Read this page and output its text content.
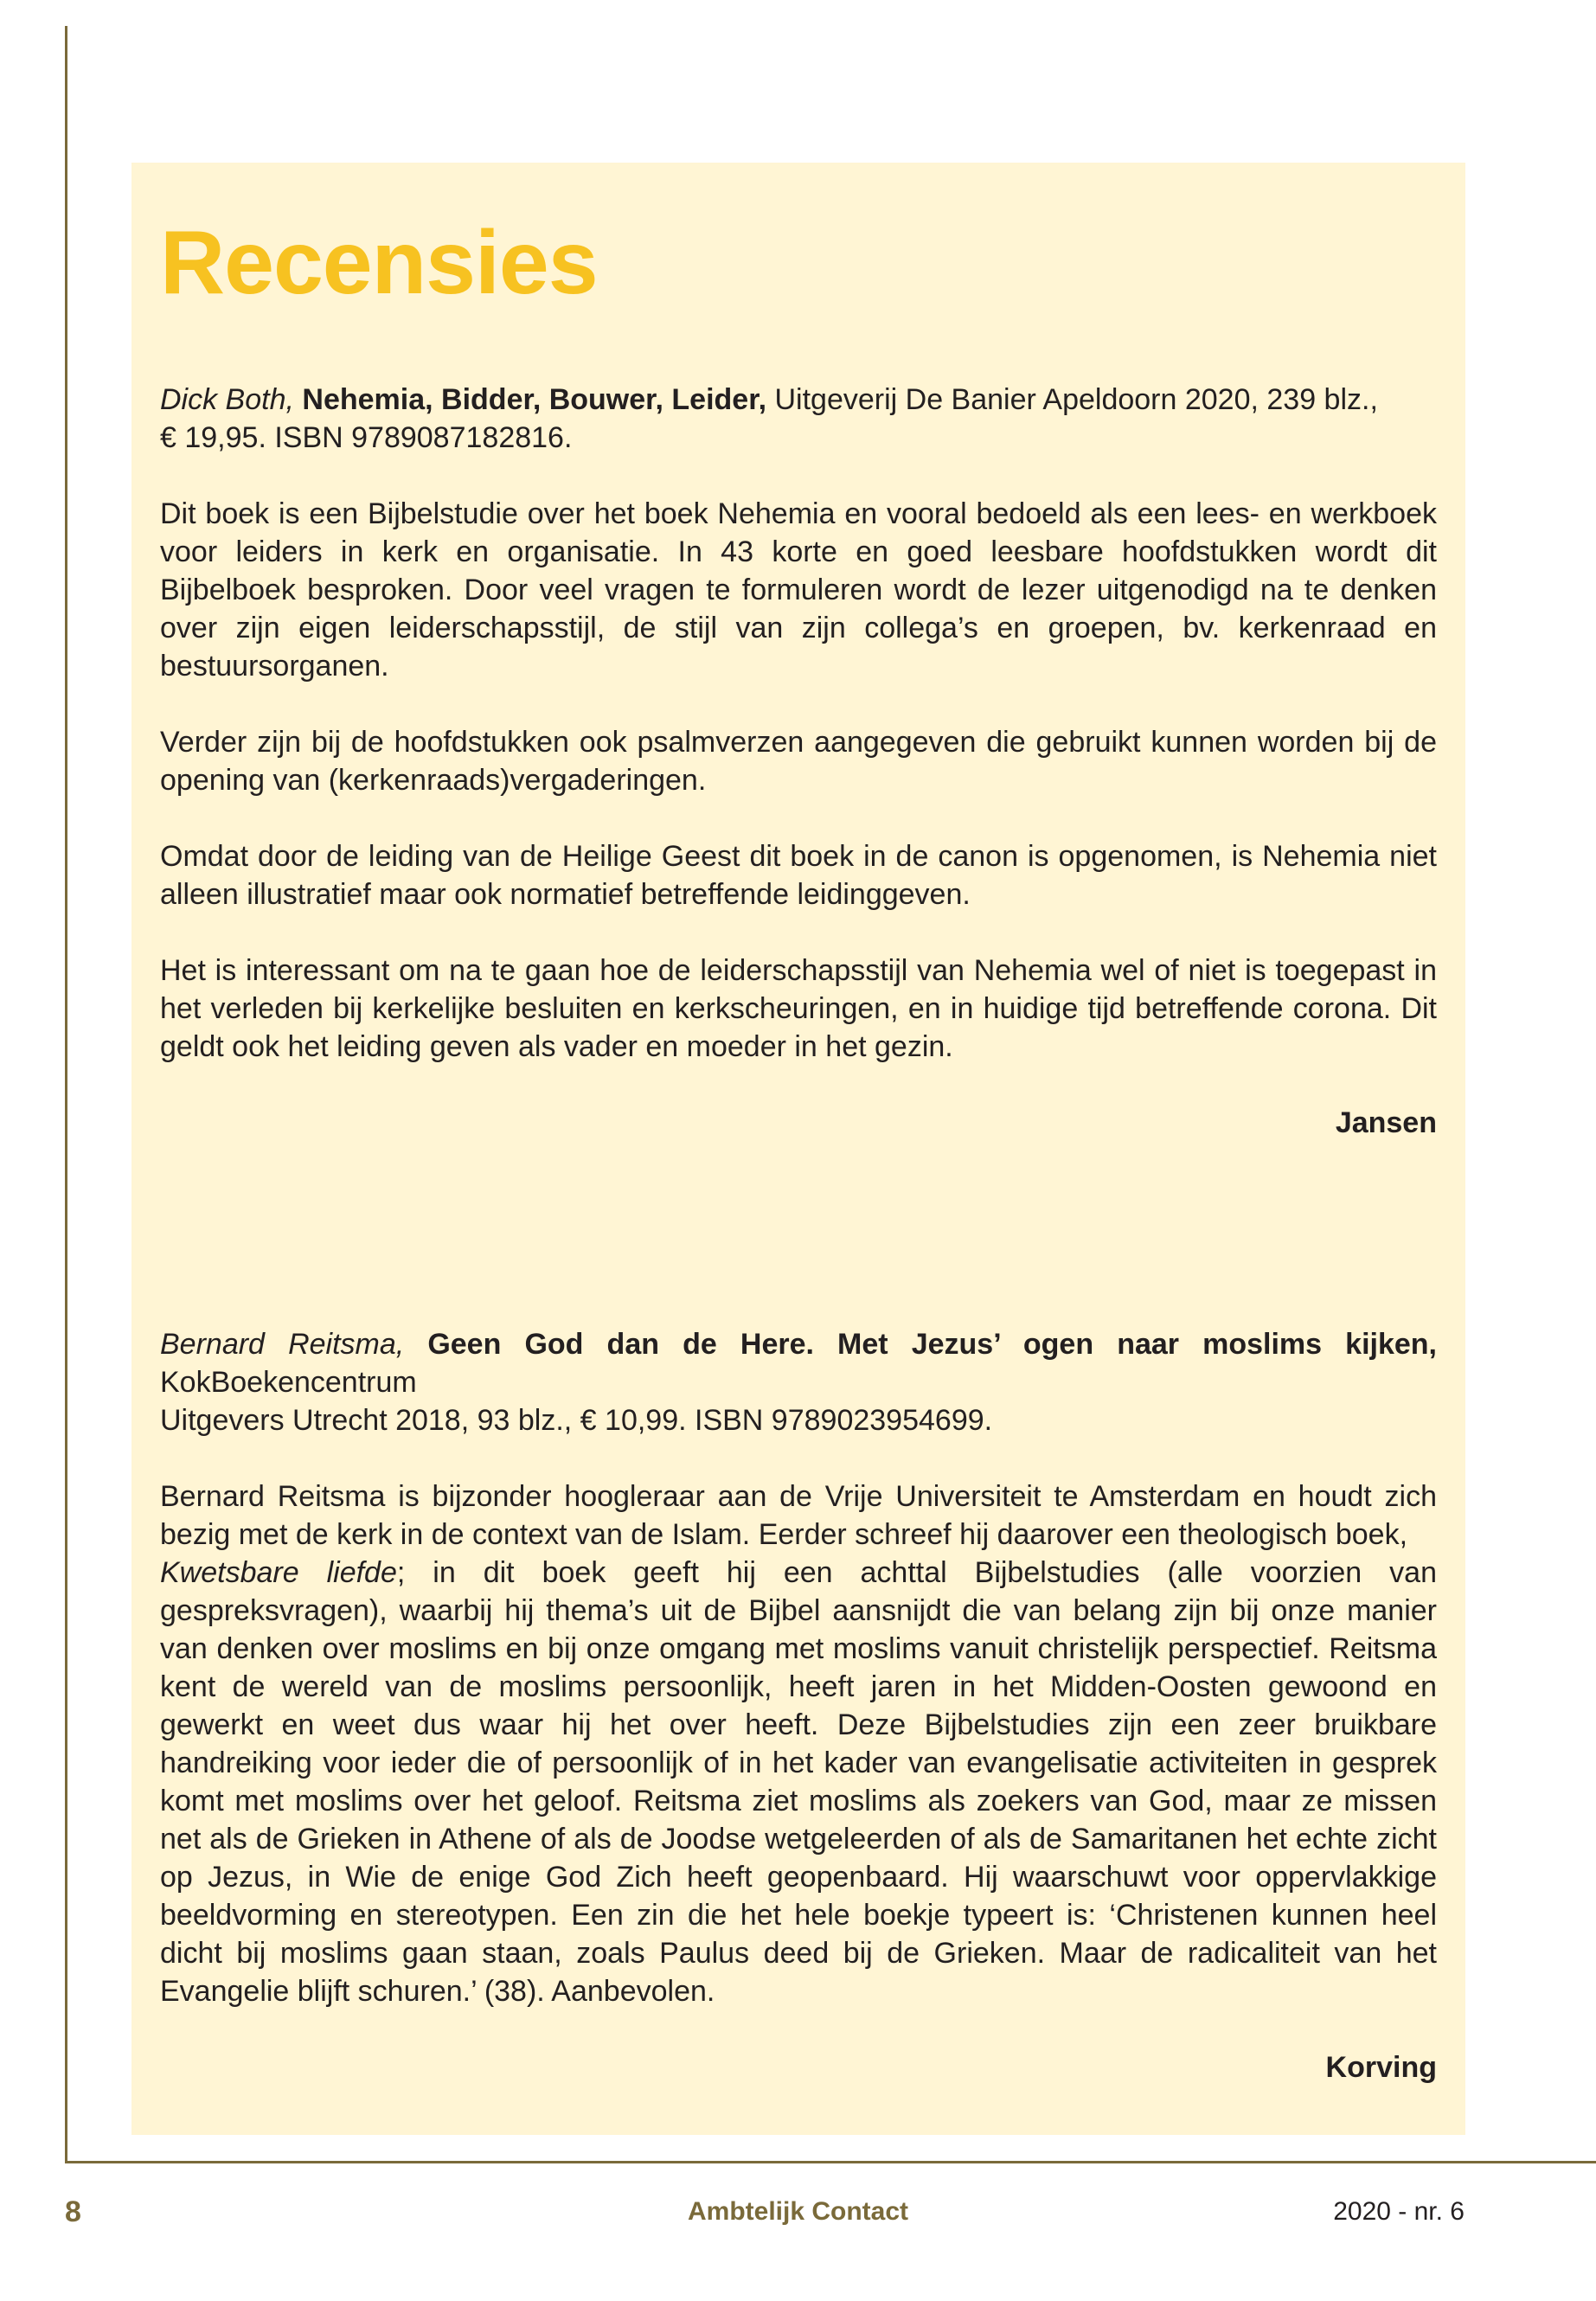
Recensies

Dick Both, Nehemia, Bidder, Bouwer, Leider, Uitgeverij De Banier Apeldoorn 2020, 239 blz.,
€ 19,95. ISBN 9789087182816.

Dit boek is een Bijbelstudie over het boek Nehemia en vooral bedoeld als een lees- en werkboek voor leiders in kerk en organisatie. In 43 korte en goed leesbare hoofdstukken wordt dit Bijbelboek besproken. Door veel vragen te formuleren wordt de lezer uitgenodigd na te denken over zijn eigen leiderschapsstijl, de stijl van zijn collega’s en groepen, bv. kerkenraad en bestuursorganen.

Verder zijn bij de hoofdstukken ook psalmverzen aangegeven die gebruikt kunnen worden bij de opening van (kerkenraads)vergaderingen.

Omdat door de leiding van de Heilige Geest dit boek in de canon is opgenomen, is Nehemia niet alleen illustratief maar ook normatief betreffende leidinggeven.

Het is interessant om na te gaan hoe de leiderschapsstijl van Nehemia wel of niet is toegepast in het verleden bij kerkelijke besluiten en kerkscheuringen, en in huidige tijd betreffende corona. Dit geldt ook het leiding geven als vader en moeder in het gezin.

Jansen

Bernard Reitsma, Geen God dan de Here. Met Jezus’ ogen naar moslims kijken, KokBoekencentrum
Uitgevers Utrecht 2018, 93 blz., € 10,99. ISBN 9789023954699.

Bernard Reitsma is bijzonder hoogleraar aan de Vrije Universiteit te Amsterdam en houdt zich bezig met de kerk in de context van de Islam. Eerder schreef hij daarover een theologisch boek,
Kwetsbare liefde; in dit boek geeft hij een achttal Bijbelstudies (alle voorzien van gespreksvragen), waarbij hij thema’s uit de Bijbel aansnijdt die van belang zijn bij onze manier van denken over moslims en bij onze omgang met moslims vanuit christelijk perspectief. Reitsma kent de wereld van de moslims persoonlijk, heeft jaren in het Midden-Oosten gewoond en gewerkt en weet dus waar hij het over heeft. Deze Bijbelstudies zijn een zeer bruikbare handreiking voor ieder die of persoonlijk of in het kader van evangelisatie activiteiten in gesprek komt met moslims over het geloof. Reitsma ziet moslims als zoekers van God, maar ze missen net als de Grieken in Athene of als de Joodse wetgeleerden of als de Samaritanen het echte zicht op Jezus, in Wie de enige God Zich heeft geopenbaard. Hij waarschuwt voor oppervlakkige beeldvorming en stereotypen. Een zin die het hele boekje typeert is: ‘Christenen kunnen heel dicht bij moslims gaan staan, zoals Paulus deed bij de Grieken. Maar de radicaliteit van het Evangelie blijft schuren.’ (38). Aanbevolen.

Korving

8	Ambtelijk Contact	2020 - nr. 6
